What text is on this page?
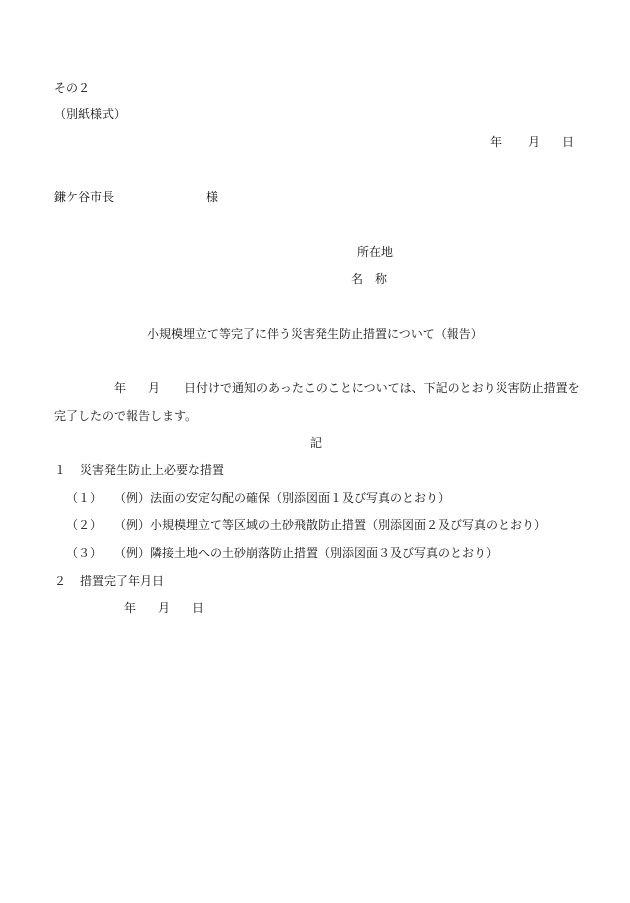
その２
（別紙様式）
年 月 日
鎌ケ谷市長	様
所在地
名　称
小規模埋立て等完了に伴う災害発生防止措置について（報告）
年 月 日付けで通知のあったこのことについては、下記のとおり災害防止措置を
完了したので報告します。
記
１ 災害発生防止上必要な措置
（１） （例）法面の安定勾配の確保（別添図面１及び写真のとおり）
（２） （例）小規模埋立て等区域の土砂飛散防止措置（別添図面２及び写真のとおり）
（３） （例）隣接土地への土砂崩落防止措置（別添図面３及び写真のとおり）
２ 措置完了年月日
年 月 日
